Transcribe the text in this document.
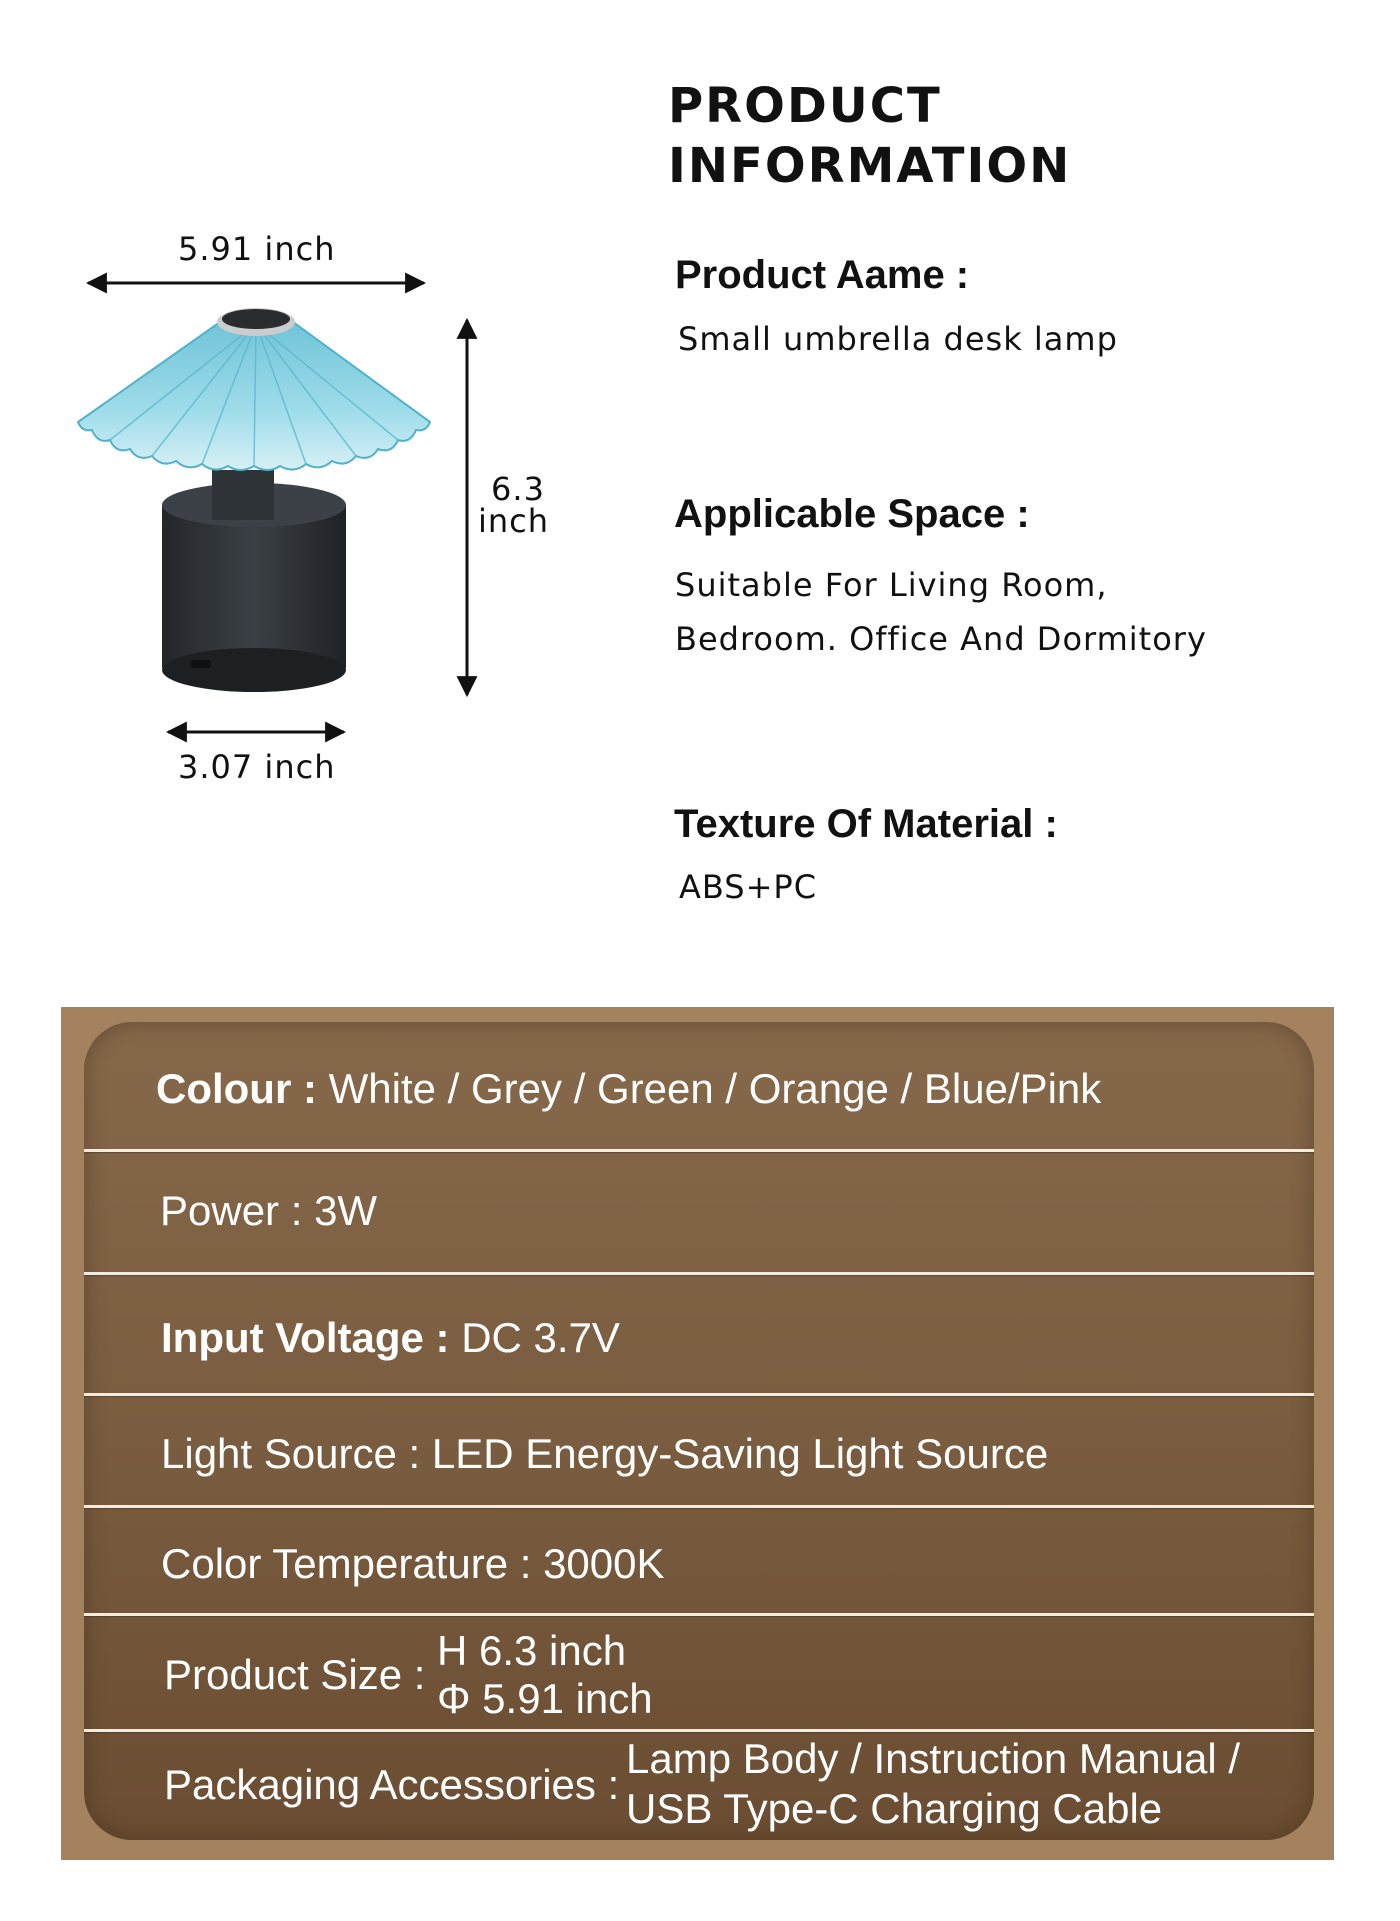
PRODUCT
INFORMATION
5.91 inch
6.3
inch
3.07 inch
Product Aame :
Small umbrella desk lamp
Applicable Space :
Suitable For Living Room,
Bedroom. Office And Dormitory
Texture Of Material :
ABS+PC
Colour : White / Grey / Green / Orange / Blue/Pink
Power : 3W
Input Voltage : DC 3.7V
Light Source : LED Energy-Saving Light Source
Color Temperature : 3000K
Product Size :
H 6.3 inch
Φ 5.91 inch
Packaging Accessories :
Lamp Body / Instruction Manual /
USB Type-C Charging Cable
